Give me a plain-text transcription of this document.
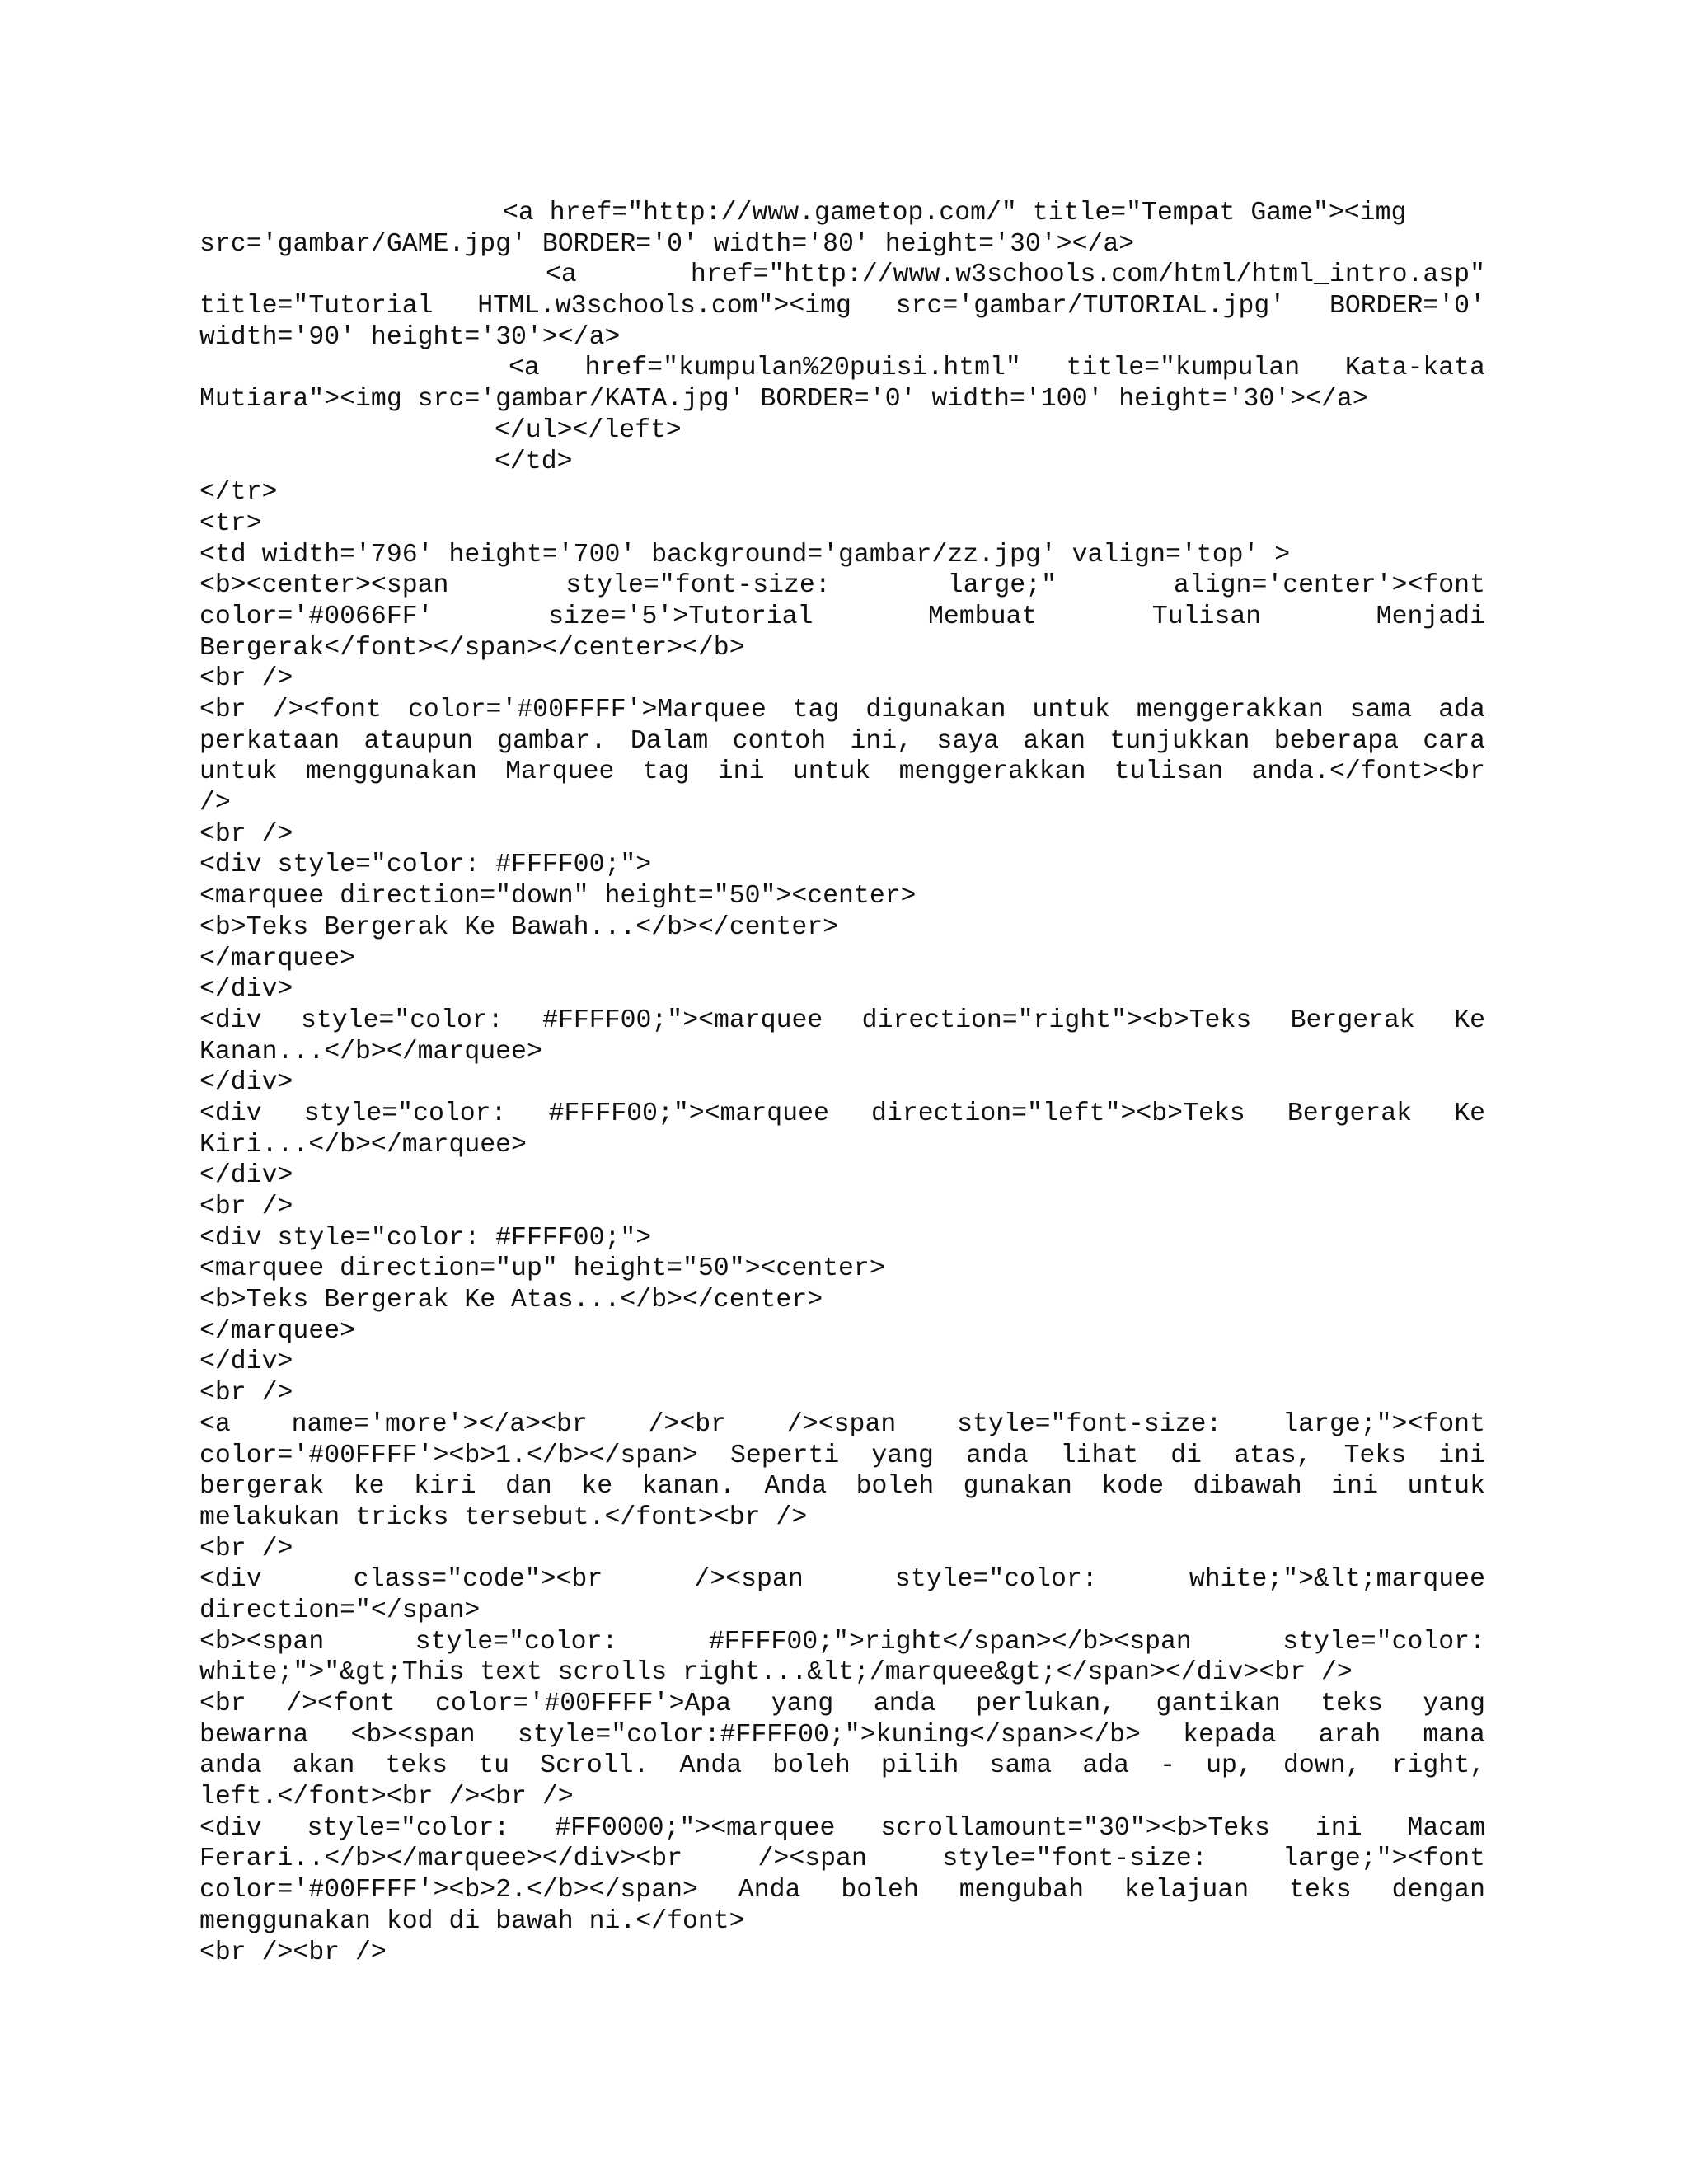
<a href="http://www.gametop.com/" title="Tempat Game"><img
src='gambar/GAME.jpg' BORDER='0' width='80' height='30'></a>
<a href="http://www.w3schools.com/html/html_intro.asp"
title="Tutorial HTML.w3schools.com"><img src='gambar/TUTORIAL.jpg' BORDER='0'
width='90' height='30'></a>
<a href="kumpulan%20puisi.html" title="kumpulan Kata-kata
Mutiara"><img src='gambar/KATA.jpg' BORDER='0' width='100' height='30'></a>
</ul></left>
</td>
</tr>
<tr>
<td width='796' height='700' background='gambar/zz.jpg' valign='top' >
<b><center><span style="font-size: large;" align='center'><font
color='#0066FF' size='5'>Tutorial Membuat Tulisan Menjadi
Bergerak</font></span></center></b>
<br />
<br /><font color='#00FFFF'>Marquee tag digunakan untuk menggerakkan sama ada
perkataan ataupun gambar. Dalam contoh ini, saya akan tunjukkan beberapa cara
untuk menggunakan Marquee tag ini untuk menggerakkan tulisan anda.</font><br
/>
<br />
<div style="color: #FFFF00;">
<marquee direction="down" height="50"><center>
<b>Teks Bergerak Ke Bawah...</b></center>
</marquee>
</div>
<div style="color: #FFFF00;"><marquee direction="right"><b>Teks Bergerak Ke
Kanan...</b></marquee>
</div>
<div style="color: #FFFF00;"><marquee direction="left"><b>Teks Bergerak Ke
Kiri...</b></marquee>
</div>
<br />
<div style="color: #FFFF00;">
<marquee direction="up" height="50"><center>
<b>Teks Bergerak Ke Atas...</b></center>
</marquee>
</div>
<br />
<a name='more'></a><br /><br /><span style="font-size: large;"><font
color='#00FFFF'><b>1.</b></span> Seperti yang anda lihat di atas, Teks ini
bergerak ke kiri dan ke kanan. Anda boleh gunakan kode dibawah ini untuk
melakukan tricks tersebut.</font><br />
<br />
<div class="code"><br /><span style="color: white;">&lt;marquee
direction="</span>
<b><span style="color: #FFFF00;">right</span></b><span style="color:
white;">"&gt;This text scrolls right...&lt;/marquee&gt;</span></div><br />
<br /><font color='#00FFFF'>Apa yang anda perlukan, gantikan teks yang
bewarna <b><span style="color:#FFFF00;">kuning</span></b> kepada arah mana
anda akan teks tu Scroll. Anda boleh pilih sama ada - up, down, right,
left.</font><br /><br />
<div style="color: #FF0000;"><marquee scrollamount="30"><b>Teks ini Macam
Ferari..</b></marquee></div><br /><span style="font-size: large;"><font
color='#00FFFF'><b>2.</b></span> Anda boleh mengubah kelajuan teks dengan
menggunakan kod di bawah ni.</font>
<br /><br />
